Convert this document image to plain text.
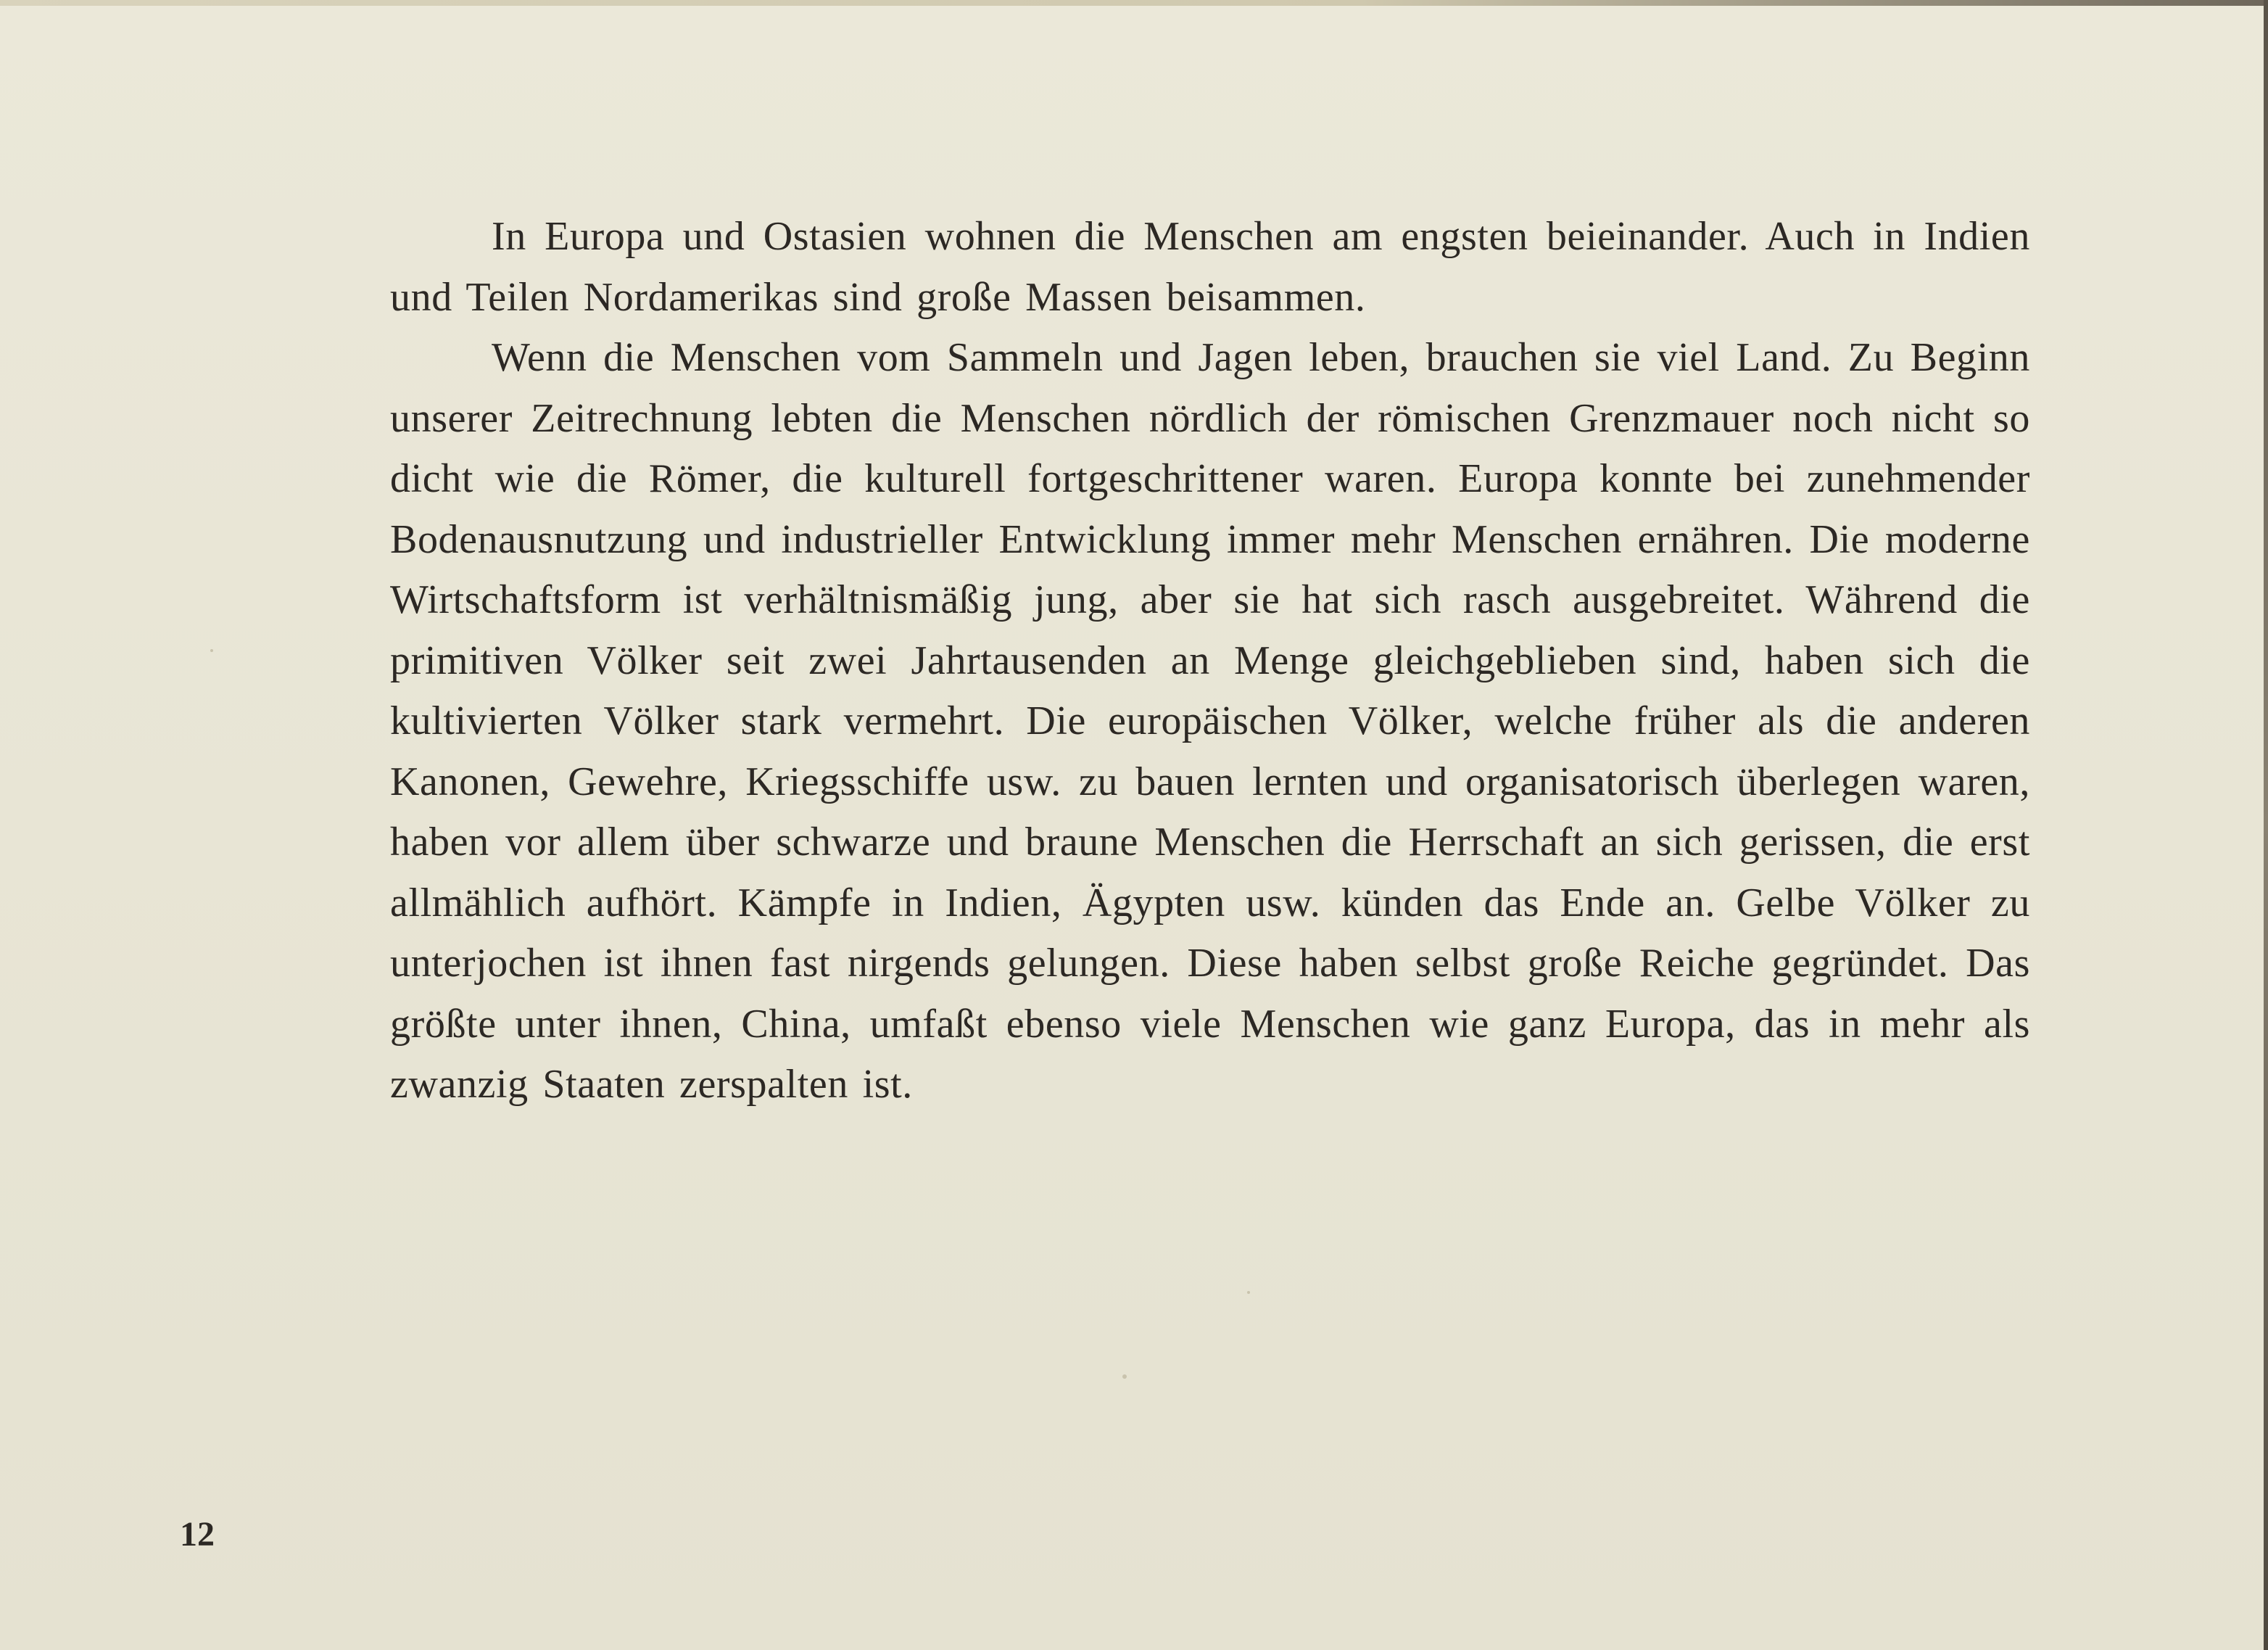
In Europa und Ostasien wohnen die Menschen am engsten beieinander. Auch in Indien und Teilen Nordamerikas sind große Massen beisammen.

Wenn die Menschen vom Sammeln und Jagen leben, brauchen sie viel Land. Zu Beginn unserer Zeitrechnung lebten die Menschen nördlich der römischen Grenzmauer noch nicht so dicht wie die Römer, die kulturell fortgeschrittener waren. Europa konnte bei zunehmender Bodenausnutzung und industrieller Entwicklung immer mehr Menschen ernähren. Die moderne Wirtschaftsform ist verhältnismäßig jung, aber sie hat sich rasch ausgebreitet. Während die primitiven Völker seit zwei Jahrtausenden an Menge gleichgeblieben sind, haben sich die kultivierten Völker stark vermehrt. Die europäischen Völker, welche früher als die anderen Kanonen, Gewehre, Kriegsschiffe usw. zu bauen lernten und organisatorisch überlegen waren, haben vor allem über schwarze und braune Menschen die Herrschaft an sich gerissen, die erst allmählich aufhört. Kämpfe in Indien, Ägypten usw. künden das Ende an. Gelbe Völker zu unterjochen ist ihnen fast nirgends gelungen. Diese haben selbst große Reiche gegründet. Das größte unter ihnen, China, umfaßt ebenso viele Menschen wie ganz Europa, das in mehr als zwanzig Staaten zerspalten ist.

12
